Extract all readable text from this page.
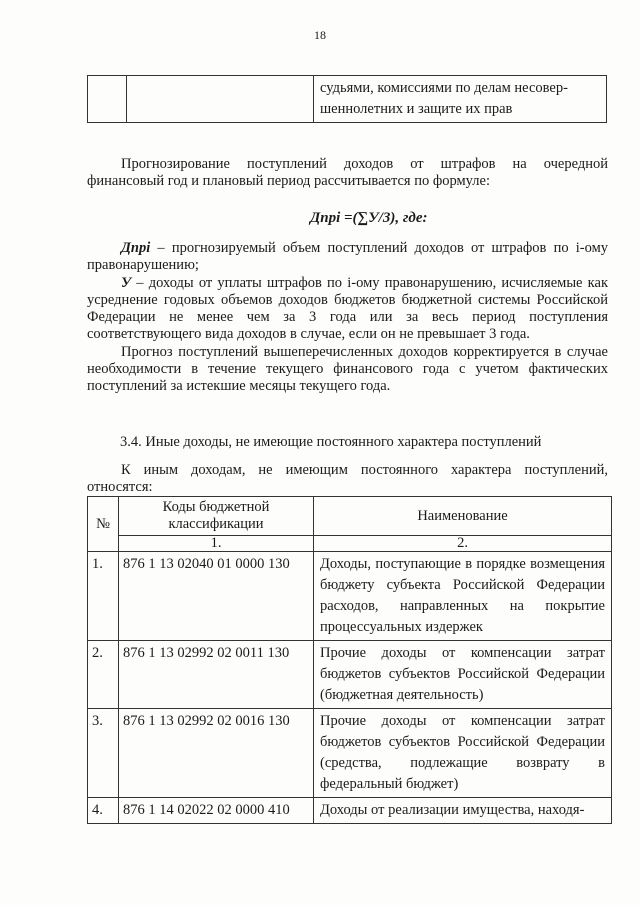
18
		судьями, комиссиями по делам несовер-шеннолетних и защите их прав

Прогнозирование поступлений доходов от штрафов на очередной финансовый год и плановый период рассчитывается по формуле:

Дпрi =(∑У/3), где:

Дпрi – прогнозируемый объем поступлений доходов от штрафов по i-ому правонарушению;

У – доходы от уплаты штрафов по i-ому правонарушению, исчисляемые как усреднение годовых объемов доходов бюджетов бюджетной системы Российской Федерации не менее чем за 3 года или за весь период поступления соответствующего вида доходов в случае, если он не превышает 3 года.

Прогноз поступлений вышеперечисленных доходов корректируется в случае необходимости в течение текущего финансового года с учетом фактических поступлений за истекшие месяцы текущего года.

3.4. Иные доходы, не имеющие постоянного характера поступлений

К иным доходам, не имеющим постоянного характера поступлений, относятся:

№	Коды бюджетной классификации	Наименование
	1.	2.
1.	876 1 13 02040 01 0000 130	Доходы, поступающие в порядке возмещения бюджету субъекта Российской Федерации расходов, направленных на покрытие процессуальных издержек
2.	876 1 13 02992 02 0011 130	Прочие доходы от компенсации затрат бюджетов субъектов Российской Федерации (бюджетная деятельность)
3.	876 1 13 02992 02 0016 130	Прочие доходы от компенсации затрат бюджетов субъектов Российской Федерации (средства, подлежащие возврату в федеральный бюджет)
4.	876 1 14 02022 02 0000 410	Доходы от реализации имущества, находя-
